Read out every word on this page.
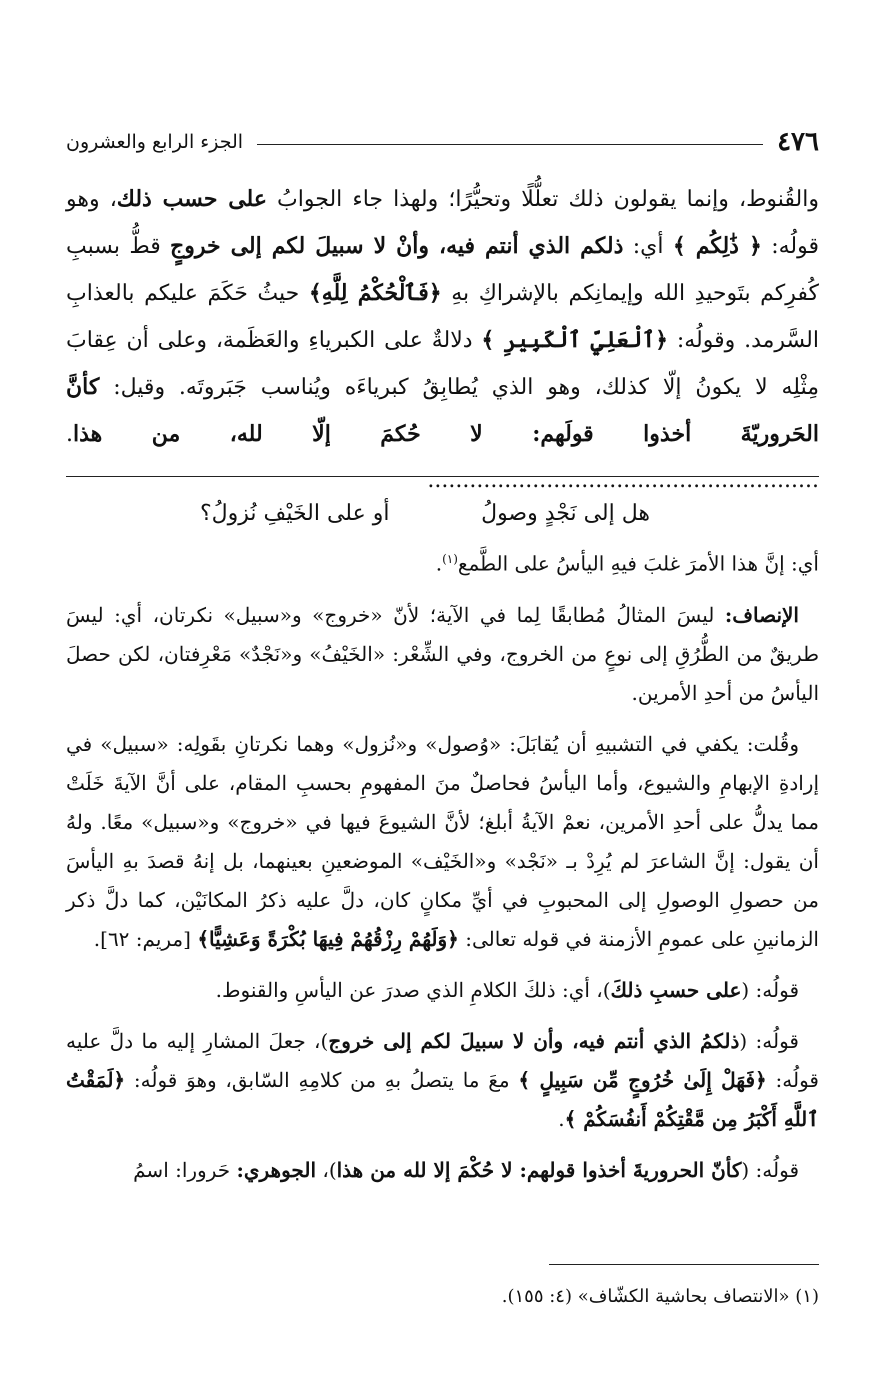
٤٧٦
الجزء الرابع والعشرون

والقُنوط، وإنما يقولون ذلك تعلُّلًا وتحيُّرًا؛ ولهذا جاء الجوابُ على حسب ذلك، وهو قولُه: ﴿ ذَٰلِكُم ﴾ أي: ذلكم الذي أنتم فيه، وأنْ لا سبيلَ لكم إلى خروجٍ قطُّ بسببِ كُفرِكم بتَوحيدِ الله وإيمانِكم بالإشراكِ بهِ ﴿فَٱلْحُكْمُ لِلَّهِ﴾ حيثُ حَكَمَ عليكم بالعذابِ السَّرمد. وقولُه: ﴿ٱلْعَلِيِّ ٱلْكَبِيرِ ﴾ دلالةٌ على الكبرياءِ والعَظَمة، وعلى أن عِقابَ مِثْلِه لا يكونُ إلّا كذلك، وهو الذي يُطابِقُ كبرياءَه ويُناسب جَبَروتَه. وقيل: كأنَّ الحَروريّةَ أخذوا قولَهم: لا حُكمَ إلّا لله، من هذا. ........................................................

هل إلى نَجْدٍ وصولُ
أو على الخَيْفِ نُزولُ؟

أي: إنَّ هذا الأمرَ غلبَ فيهِ اليأسُ على الطَّمع$^{(١)}$.

الإنصاف: ليسَ المثالُ مُطابقًا لِما في الآية؛ لأنّ «خروج» و«سبيل» نكرتان، أي: ليسَ طريقٌ من الطُّرُقِ إلى نوعٍ من الخروج، وفي الشِّعْر: «الخَيْفُ» و«نَجْدٌ» مَعْرِفتان، لكن حصلَ اليأسُ من أحدِ الأمرين.

وقُلت: يكفي في التشبيهِ أن يُقابَلَ: «وُصول» و«نُزول» وهما نكرتانِ بقَولِه: «سبيل» في إرادةِ الإبهامِ والشيوع، وأما اليأسُ فحاصلٌ منَ المفهومِ بحسبِ المقام، على أنَّ الآيةَ خَلَتْ مما يدلُّ على أحدِ الأمرين، نعمْ الآيةُ أبلغ؛ لأنَّ الشيوعَ فيها في «خروج» و«سبيل» معًا. ولهُ أن يقول: إنَّ الشاعرَ لم يُرِدْ بـ «نَجْد» و«الخَيْف» الموضعينِ بعينهما، بل إنهُ قصدَ بهِ اليأسَ من حصولِ الوصولِ إلى المحبوبِ في أيِّ مكانٍ كان، دلَّ عليه ذكرُ المكانَيْن، كما دلَّ ذكر الزمانينِ على عمومِ الأزمنة في قوله تعالى: ﴿وَلَهُمْ رِزْقُهُمْ فِيهَا بُكْرَةً وَعَشِيًّا﴾ [مريم: ٦٢].

قولُه: (على حسبِ ذلكَ)، أي: ذلكَ الكلامِ الذي صدرَ عن اليأسِ والقنوط.

قولُه: (ذلكمُ الذي أنتم فيه، وأن لا سبيلَ لكم إلى خروج)، جعلَ المشارِ إليه ما دلَّ عليه قولُه: ﴿فَهَلْ إِلَىٰ خُرُوجٍ مِّن سَبِيلٍ ﴾ معَ ما يتصلُ بهِ من كلامِهِ السّابق، وهوَ قولُه: ﴿لَمَقْتُ ٱللَّهِ أَكْبَرُ مِن مَّقْتِكُمْ أَنفُسَكُمْ ﴾.

قولُه: (كأنّ الحروريةَ أخذوا قولهم: لا حُكْمَ إلا لله من هذا)، الجوهري: حَرورا: اسمُ

(١) «الانتصاف بحاشية الكشّاف» (٤: ١٥٥).
